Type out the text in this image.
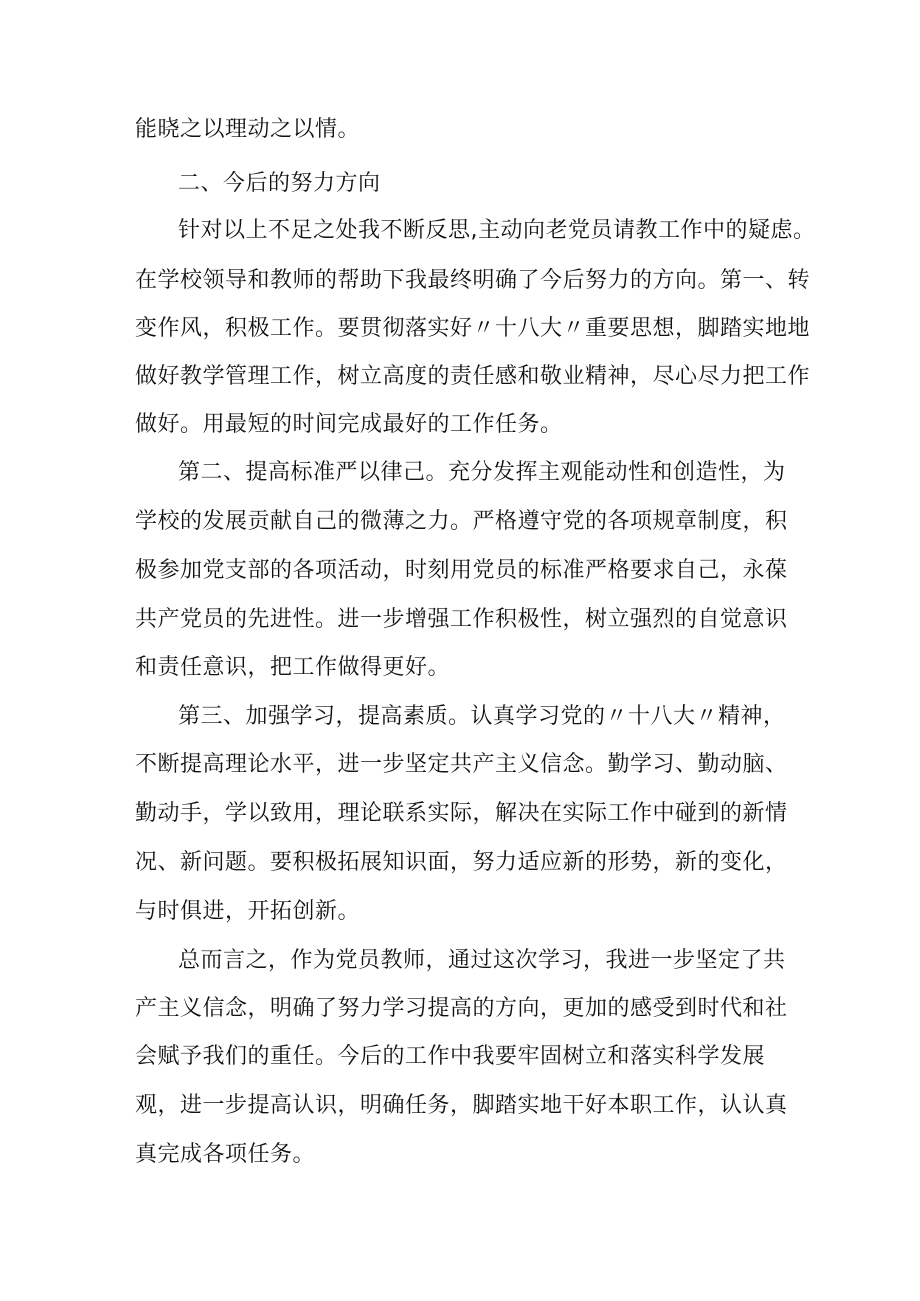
能晓之以理动之以情。

二、今后的努力方向

针对以上不足之处我不断反思,主动向老党员请教工作中的疑虑。

在学校领导和教师的帮助下我最终明确了今后努力的方向。第一、转

变作风，积极工作。要贯彻落实好〃十八大〃重要思想，脚踏实地地

做好教学管理工作，树立高度的责任感和敬业精神，尽心尽力把工作

做好。用最短的时间完成最好的工作任务。

第二、提高标准严以律己。充分发挥主观能动性和创造性，为

学校的发展贡献自己的微薄之力。严格遵守党的各项规章制度，积

极参加党支部的各项活动，时刻用党员的标准严格要求自己，永葆

共产党员的先进性。进一步增强工作积极性，树立强烈的自觉意识

和责任意识，把工作做得更好。

第三、加强学习，提高素质。认真学习党的〃十八大〃精神，

不断提高理论水平，进一步坚定共产主义信念。勤学习、勤动脑、

勤动手，学以致用，理论联系实际，解决在实际工作中碰到的新情

况、新问题。要积极拓展知识面，努力适应新的形势，新的变化，

与时俱进，开拓创新。

总而言之，作为党员教师，通过这次学习，我进一步坚定了共

产主义信念，明确了努力学习提高的方向，更加的感受到时代和社

会赋予我们的重任。今后的工作中我要牢固树立和落实科学发展

观，进一步提高认识，明确任务，脚踏实地干好本职工作，认认真

真完成各项任务。
